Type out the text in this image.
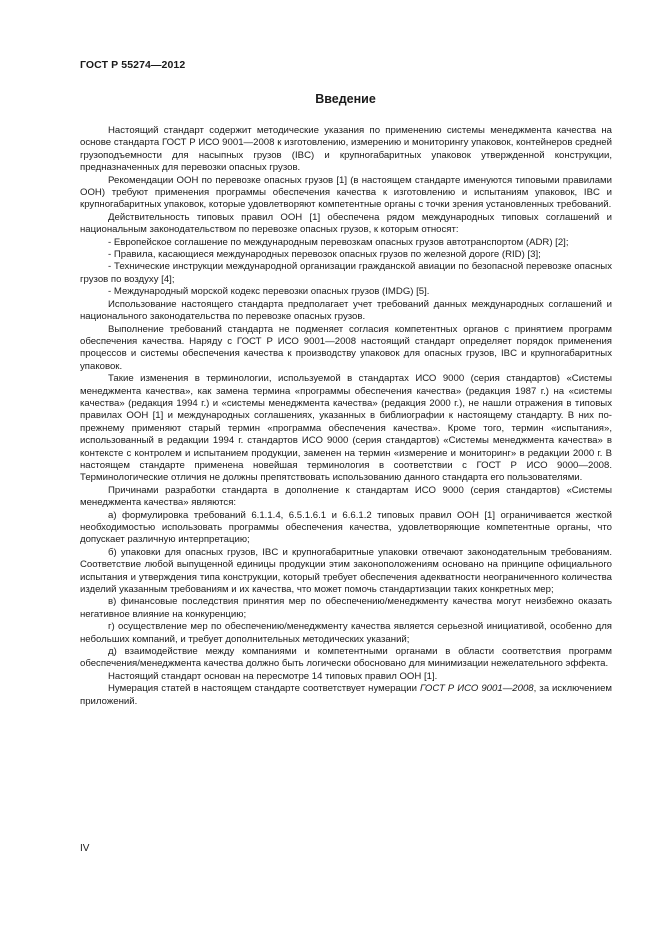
ГОСТ Р 55274—2012
Введение

Настоящий стандарт содержит методические указания по применению системы менеджмента качества на основе стандарта ГОСТ Р ИСО 9001—2008 к изготовлению, измерению и мониторингу упаковок, контейнеров средней грузоподъемности для насыпных грузов (IBC) и крупногабаритных упаковок утвержденной конструкции, предназначенных для перевозки опасных грузов.

Рекомендации ООН по перевозке опасных грузов [1] (в настоящем стандарте именуются типовыми правилами ООН) требуют применения программы обеспечения качества к изготовлению и испытаниям упаковок, IBC и крупногабаритных упаковок, которые удовлетворяют компетентные органы с точки зрения установленных требований.

Действительность типовых правил ООН [1] обеспечена рядом международных типовых соглашений и национальным законодательством по перевозке опасных грузов, к которым относят:

- Европейское соглашение по международным перевозкам опасных грузов автотранспортом (ADR) [2];

- Правила, касающиеся международных перевозок опасных грузов по железной дороге (RID) [3];

- Технические инструкции международной организации гражданской авиации по безопасной перевозке опасных грузов по воздуху [4];

- Международный морской кодекс перевозки опасных грузов (IMDG) [5].

Использование настоящего стандарта предполагает учет требований данных международных соглашений и национального законодательства по перевозке опасных грузов.

Выполнение требований стандарта не подменяет согласия компетентных органов с принятием программ обеспечения качества. Наряду с ГОСТ Р ИСО 9001—2008 настоящий стандарт определяет порядок применения процессов и системы обеспечения качества к производству упаковок для опасных грузов, IBC и крупногабаритных упаковок.

Такие изменения в терминологии, используемой в стандартах ИСО 9000 (серия стандартов) «Системы менеджмента качества», как замена термина «программы обеспечения качества» (редакция 1987 г.) на «системы качества» (редакция 1994 г.) и «системы менеджмента качества» (редакция 2000 г.), не нашли отражения в типовых правилах ООН [1] и международных соглашениях, указанных в библиографии к настоящему стандарту. В них по-прежнему применяют старый термин «программа обеспечения качества». Кроме того, термин «испытания», использованный в редакции 1994 г. стандартов ИСО 9000 (серия стандартов) «Системы менеджмента качества» в контексте с контролем и испытанием продукции, заменен на термин «измерение и мониторинг» в редакции 2000 г. В настоящем стандарте применена новейшая терминология в соответствии с ГОСТ Р ИСО 9000—2008. Терминологические отличия не должны препятствовать использованию данного стандарта его пользователями.

Причинами разработки стандарта в дополнение к стандартам ИСО 9000 (серия стандартов) «Системы менеджмента качества» являются:

а) формулировка требований 6.1.1.4, 6.5.1.6.1 и 6.6.1.2 типовых правил ООН [1] ограничивается жесткой необходимостью использовать программы обеспечения качества, удовлетворяющие компетентные органы, что допускает различную интерпретацию;

б) упаковки для опасных грузов, IBC и крупногабаритные упаковки отвечают законодательным требованиям. Соответствие любой выпущенной единицы продукции этим законоположениям основано на принципе официального испытания и утверждения типа конструкции, который требует обеспечения адекватности неограниченного количества изделий указанным требованиям и их качества, что может помочь стандартизации таких конкретных мер;

в) финансовые последствия принятия мер по обеспечению/менеджменту качества могут неизбежно оказать негативное влияние на конкуренцию;

г) осуществление мер по обеспечению/менеджменту качества является серьезной инициативой, особенно для небольших компаний, и требует дополнительных методических указаний;

д) взаимодействие между компаниями и компетентными органами в области соответствия программ обеспечения/менеджмента качества должно быть логически обосновано для минимизации нежелательного эффекта.

Настоящий стандарт основан на пересмотре 14 типовых правил ООН [1].

Нумерация статей в настоящем стандарте соответствует нумерации ГОСТ Р ИСО 9001—2008, за исключением приложений.

IV
